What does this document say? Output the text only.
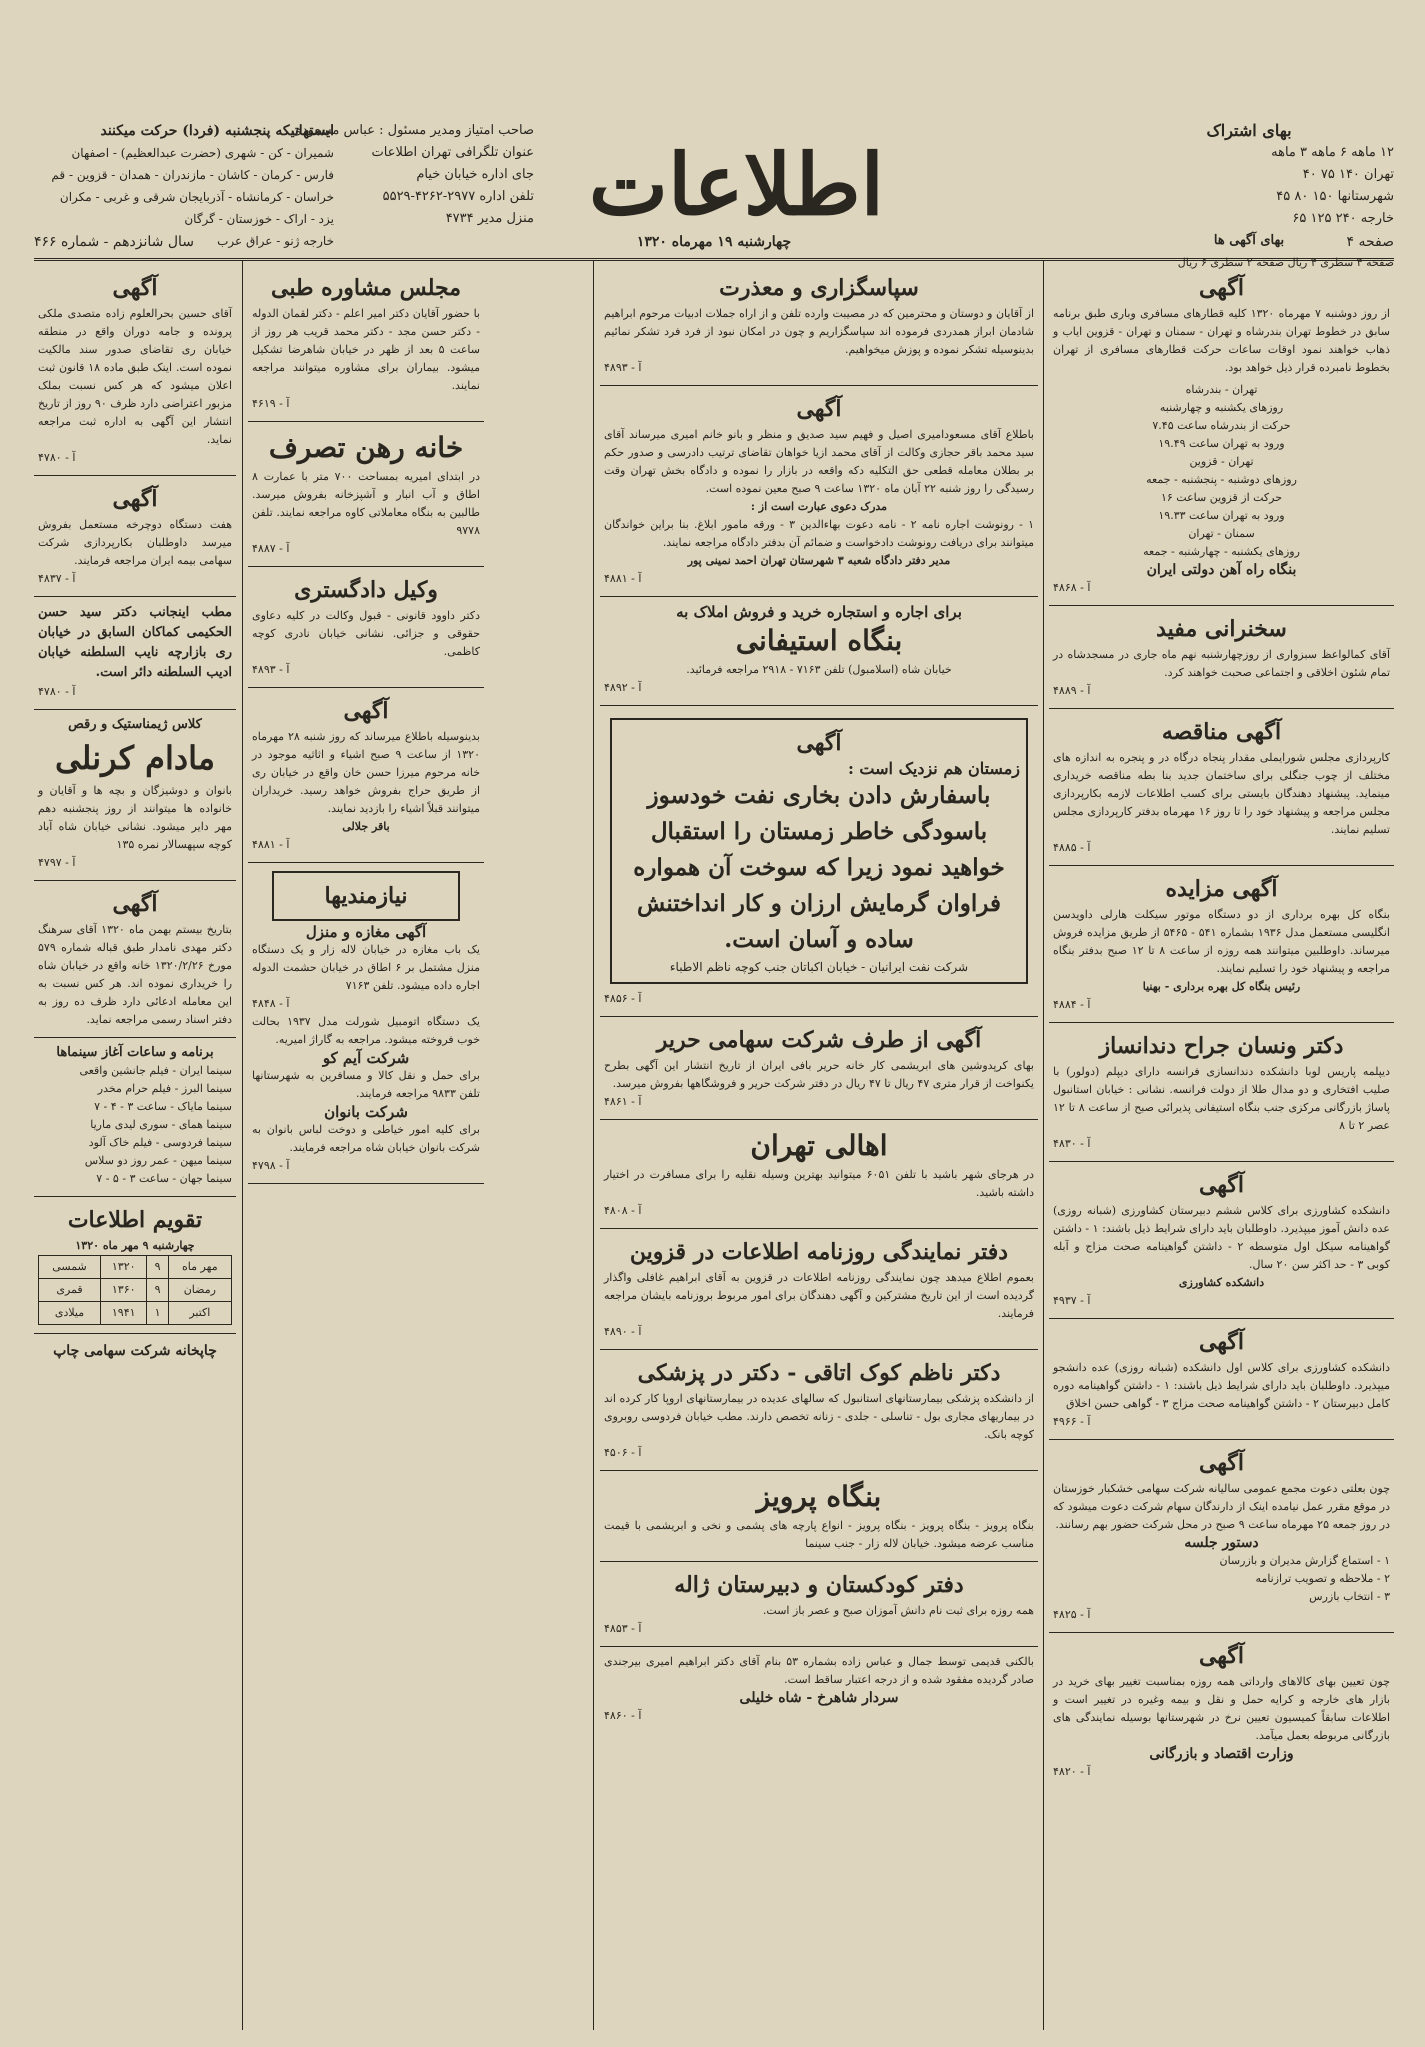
بهای اشتراک
۱۲ ماهه ۶ ماهه ۳ ماهه
تهران ۱۴۰ ۷۵ ۴۰
شهرستانها ۱۵۰ ۸۰ ۴۵
خارجه ۲۴۰ ۱۲۵ ۶۵
بهای آگهی ها
صفحه ۴ سطری ۴ ریال صفحه ۲ سطری ۶ ریال
اطلاعات
صاحب امتیاز ومدیر مسئول : عباس مسعودی
عنوان تلگرافی تهران اطلاعات
جای اداره خیابان خیام
تلفن اداره ۲۹۷۷-۴۲۶۲-۵۵۲۹
منزل مدیر ۴۷۳۴
ایستهاتیکه پنجشنبه (فردا) حرکت میکنند
شمیران - کن - شهری (حضرت عبدالعظیم) - اصفهان
فارس - کرمان - کاشان - مازندران - همدان - قزوین - قم
خراسان - کرمانشاه - آذربایجان شرقی و غربی - مکران
یزد - اراک - خوزستان - گرگان
خارجه ژنو - عراق عرب	صفحه ۴
چهارشنبه ۱۹ مهرماه ۱۳۲۰
سال شانزدهم - شماره ۴۶۶
آگهی
از روز دوشنبه ۷ مهرماه ۱۳۲۰ کلیه قطارهای مسافری وباری طبق برنامه سابق در خطوط تهران بندرشاه و تهران - سمنان و تهران - قزوین ایاب و ذهاب خواهند نمود اوقات ساعات حرکت قطارهای مسافری از تهران بخطوط نامبرده قرار ذیل خواهد بود.
تهران - بندرشاه
روزهای یکشنبه و چهارشنبه
حرکت از بندرشاه ساعت ۷.۴۵
ورود به تهران ساعت ۱۹.۴۹
تهران - قزوین
روزهای دوشنبه - پنجشنبه - جمعه
حرکت از قزوین ساعت ۱۶
ورود به تهران ساعت ۱۹.۳۳
سمنان - تهران
روزهای یکشنبه - چهارشنبه - جمعه
بنگاه راه آهن دولتی ایران
آ - ۴۸۶۸
سخنرانی مفید
آقای کمالواعظ سبزواری از روزچهارشنبه نهم ماه جاری در مسجدشاه در تمام شئون اخلاقی و اجتماعی صحبت خواهند کرد.
آ - ۴۸۸۹
آگهی مناقصه
کارپردازی مجلس شورایملی مقدار پنجاه درگاه در و پنجره به اندازه های مختلف از چوب جنگلی برای ساختمان جدید بنا بطه مناقصه خریداری مینماید. پیشنهاد دهندگان بایستی برای کسب اطلاعات لازمه بکارپردازی مجلس مراجعه و پیشنهاد خود را تا روز ۱۶ مهرماه بدفتر کارپردازی مجلس تسلیم نمایند.
آ - ۴۸۸۵
آگهی مزایده
بنگاه کل بهره برداری از دو دستگاه موتور سیکلت هارلی داویدسن انگلیسی مستعمل مدل ۱۹۳۶ بشماره ۵۴۱ - ۵۴۶۵ از طریق مزایده فروش میرساند. داوطلبین میتوانند همه روزه از ساعت ۸ تا ۱۲ صبح بدفتر بنگاه مراجعه و پیشنهاد خود را تسلیم نمایند.
رئیس بنگاه کل بهره برداری - بهنیا
آ - ۴۸۸۴
دکتر ونسان جراح دندانساز
دیپلمه پاریس لوبا دانشکده دندانسازی فرانسه دارای دیپلم (دولور) با صلیب افتخاری و دو مدال طلا از دولت فرانسه. نشانی : خیابان استانبول پاساژ بازرگانی مرکزی جنب بنگاه استیفانی پذیرائی صبح از ساعت ۸ تا ۱۲ عصر ۲ تا ۸
آ - ۴۸۳۰
آگهی
دانشکده کشاورزی برای کلاس ششم دبیرستان کشاورزی (شبانه روزی) عده دانش آموز میپذیرد. داوطلبان باید دارای شرایط ذیل باشند: ۱ - داشتن گواهینامه سیکل اول متوسطه ۲ - داشتن گواهینامه صحت مزاج و آبله کوبی ۳ - حد اکثر سن ۲۰ سال.
دانشکده کشاورزی
آ - ۴۹۳۷
آگهی
دانشکده کشاورزی برای کلاس اول دانشکده (شبانه روزی) عده دانشجو میپذیرد. داوطلبان باید دارای شرایط ذیل باشند: ۱ - داشتن گواهینامه دوره کامل دبیرستان ۲ - داشتن گواهینامه صحت مزاج ۳ - گواهی حسن اخلاق
آ - ۴۹۶۶
آگهی
چون بعلتی دعوت مجمع عمومی سالیانه شرکت سهامی خشکبار خوزستان در موقع مقرر عمل نیامده اینک از دارندگان سهام شرکت دعوت میشود که در روز جمعه ۲۵ مهرماه ساعت ۹ صبح در محل شرکت حضور بهم رسانند.
دستور جلسه
۱ - استماع گزارش مدیران و بازرسان
۲ - ملاحظه و تصویب ترازنامه
۳ - انتخاب بازرس
آ - ۴۸۲۵
آگهی
چون تعیین بهای کالاهای وارداتی همه روزه بمناسبت تغییر بهای خرید در بازار های خارجه و کرایه حمل و نقل و بیمه وغیره در تغییر است و اطلاعات سابقاً کمیسیون تعیین نرخ در شهرستانها بوسیله نمایندگی های بازرگانی مربوطه بعمل میآمد.
وزارت اقتصاد و بازرگانی
آ - ۴۸۲۰
سپاسگزاری و معذرت
از آقایان و دوستان و محترمین که در مصیبت وارده تلفن و از اراه جملات ادبیات مرحوم ابراهیم شادمان ابراز همدردی فرموده اند سپاسگزاریم و چون در امکان نبود از فرد فرد تشکر نمائیم بدینوسیله تشکر نموده و پوزش میخواهیم.
آ - ۴۸۹۳
آگهی
باطلاع آقای مسعودامیری اصیل و فهیم سید صدیق و منظر و بانو خانم امیری میرساند آقای سید محمد باقر حجازی وکالت از آقای محمد ازیا خواهان تقاضای ترتیب دادرسی و صدور حکم بر بطلان معامله قطعی حق التکلیه دکه واقعه در بازار را نموده و دادگاه بخش تهران وقت رسیدگی را روز شنبه ۲۲ آبان ماه ۱۳۲۰ ساعت ۹ صبح معین نموده است.
مدرک دعوی عبارت است از :
۱ - رونوشت اجاره نامه ۲ - نامه دعوت بهاءالدین ۳ - ورقه مامور ابلاغ. بنا براین خواندگان میتوانند برای دریافت رونوشت دادخواست و ضمائم آن بدفتر دادگاه مراجعه نمایند.
مدیر دفتر دادگاه شعبه ۳ شهرستان تهران احمد نمینی پور
آ - ۴۸۸۱
برای اجاره و استجاره خرید و فروش املاک به
بنگاه استیفانی
خیابان شاه (اسلامبول) تلفن ۷۱۶۳ - ۲۹۱۸ مراجعه فرمائید.
آ - ۴۸۹۲
آگهی
زمستان هم نزدیک است :
باسفارش دادن بخاری نفت خودسوز باسودگی خاطر زمستان را استقبال خواهید نمود زیرا که سوخت آن همواره فراوان گرمایش ارزان و کار انداختنش ساده و آسان است.
شرکت نفت ایرانیان - خیابان اکباتان جنب کوچه ناظم الاطباء
آ - ۴۸۵۶
آگهی از طرف شرکت سهامی حریر
بهای کرپدوشین های ابریشمی کار خانه حریر بافی ایران از تاریخ انتشار این آگهی بطرح یکنواخت از قرار متری ۴۷ ریال تا ۴۷ ریال در دفتر شرکت حریر و فروشگاهها بفروش میرسد.
آ - ۴۸۶۱
اهالی تهران
در هرجای شهر باشید با تلفن ۶۰۵۱ میتوانید بهترین وسیله نقلیه را برای مسافرت در اختیار داشته باشید.
آ - ۴۸۰۸
دفتر نمایندگی روزنامه اطلاعات در قزوین
بعموم اطلاع میدهد چون نمایندگی روزنامه اطلاعات در قزوین به آقای ابراهیم غافلی واگذار گردیده است از این تاریخ مشترکین و آگهی دهندگان برای امور مربوط بروزنامه بایشان مراجعه فرمایند.
آ - ۴۸۹۰
دکتر ناظم کوک اتاقی - دکتر در پزشکی
از دانشکده پزشکی بیمارستانهای استانبول که سالهای عدیده در بیمارستانهای اروپا کار کرده اند در بیماریهای مجاری بول - تناسلی - جلدی - زنانه تخصص دارند. مطب خیابان فردوسی روبروی کوچه بانک.
آ - ۴۵۰۶
بنگاه پرویز
بنگاه پرویز - بنگاه پرویز - بنگاه پرویز - انواع پارچه های پشمی و نخی و ابریشمی با قیمت مناسب عرضه میشود. خیابان لاله زار - جنب سینما
دفتر کودکستان و دبیرستان ژاله
همه روزه برای ثبت نام دانش آموزان صبح و عصر باز است.
آ - ۴۸۵۳
بالکنی قدیمی توسط جمال و عباس زاده بشماره ۵۳ بنام آقای دکتر ابراهیم امیری بیرجندی صادر گردیده مفقود شده و از درجه اعتبار ساقط است.
سردار شاهرخ - شاه خلیلی
آ - ۴۸۶۰
مجلس مشاوره طبی
با حضور آقایان دکتر امیر اعلم - دکتر لقمان الدوله - دکتر حسن مجد - دکتر محمد قریب هر روز از ساعت ۵ بعد از ظهر در خیابان شاهرضا تشکیل میشود. بیماران برای مشاوره میتوانند مراجعه نمایند.
آ - ۴۶۱۹
خانه رهن تصرف
در ابتدای امیریه بمساحت ۷۰۰ متر با عمارت ۸ اطاق و آب انبار و آشپزخانه بفروش میرسد. طالبین به بنگاه معاملاتی کاوه مراجعه نمایند. تلفن ۹۷۷۸
آ - ۴۸۸۷
وکیل دادگستری
دکتر داوود قانونی - قبول وکالت در کلیه دعاوی حقوقی و جزائی. نشانی خیابان نادری کوچه کاظمی.
آ - ۴۸۹۳
آگهی
بدینوسیله باطلاع میرساند که روز شنبه ۲۸ مهرماه ۱۳۲۰ از ساعت ۹ صبح اشیاء و اثاثیه موجود در خانه مرحوم میرزا حسن خان واقع در خیابان ری از طریق حراج بفروش خواهد رسید. خریداران میتوانند قبلاً اشیاء را بازدید نمایند.
باقر جلالی
آ - ۴۸۸۱
نیازمندیها
آگهی مغازه و منزل
یک باب مغازه در خیابان لاله زار و یک دستگاه منزل مشتمل بر ۶ اطاق در خیابان حشمت الدوله اجاره داده میشود. تلفن ۷۱۶۳
آ - ۴۸۴۸
یک دستگاه اتومبیل شورلت مدل ۱۹۳۷ بحالت خوب فروخته میشود. مراجعه به گاراژ امیریه.
شرکت آیم کو
برای حمل و نقل کالا و مسافرین به شهرستانها تلفن ۹۸۳۳ مراجعه فرمایند.
شرکت بانوان
برای کلیه امور خیاطی و دوخت لباس بانوان به شرکت بانوان خیابان شاه مراجعه فرمایند.
آ - ۴۷۹۸
آگهی
آقای حسین بحرالعلوم زاده متصدی ملکی پرونده و جامه دوران واقع در منطقه خیابان ری تقاضای صدور سند مالکیت نموده است. اینک طبق ماده ۱۸ قانون ثبت اعلان میشود که هر کس نسبت بملک مزبور اعتراضی دارد ظرف ۹۰ روز از تاریخ انتشار این آگهی به اداره ثبت مراجعه نماید.
آ - ۴۷۸۰
آگهی
هفت دستگاه دوچرخه مستعمل بفروش میرسد داوطلبان بکارپردازی شرکت سهامی بیمه ایران مراجعه فرمایند.
آ - ۴۸۳۷
مطب اینجانب دکتر سید حسن الحکیمی کماکان السابق در خیابان ری بازارچه نایب السلطنه خیابان ادیب السلطنه دائر است.
آ - ۴۷۸۰
کلاس ژیمناستیک و رقص
مادام کرنلی
بانوان و دوشیزگان و بچه ها و آقایان و خانواده ها میتوانند از روز پنجشنبه دهم مهر دایر میشود. نشانی خیابان شاه آباد کوچه سپهسالار نمره ۱۳۵
آ - ۴۷۹۷
آگهی
بتاریخ بیستم بهمن ماه ۱۳۲۰ آقای سرهنگ دکتر مهدی نامدار طبق قباله شماره ۵۷۹ مورخ ۱۳۲۰/۲/۲۶ خانه واقع در خیابان شاه را خریداری نموده اند. هر کس نسبت به این معامله ادعائی دارد ظرف ده روز به دفتر اسناد رسمی مراجعه نماید.
برنامه و ساعات آغاز سینماها
سینما ایران - فیلم جانشین واقعی
سینما البرز - فیلم حرام مخدر
سینما مایاک - ساعت ۳ - ۴ - ۷
سینما همای - سوری لیدی ماریا
سینما فردوسی - فیلم خاک آلود
سینما میهن - عمر روز دو سلاس
سینما جهان - ساعت ۳ - ۵ - ۷
تقویم اطلاعات
چهارشنبه ۹ مهر ماه ۱۳۲۰
مهر ماه	۹	۱۳۲۰	شمسی
رمضان	۹	۱۳۶۰	قمری
اکتبر	۱	۱۹۴۱	میلادی
چاپخانه شرکت سهامی چاپ
